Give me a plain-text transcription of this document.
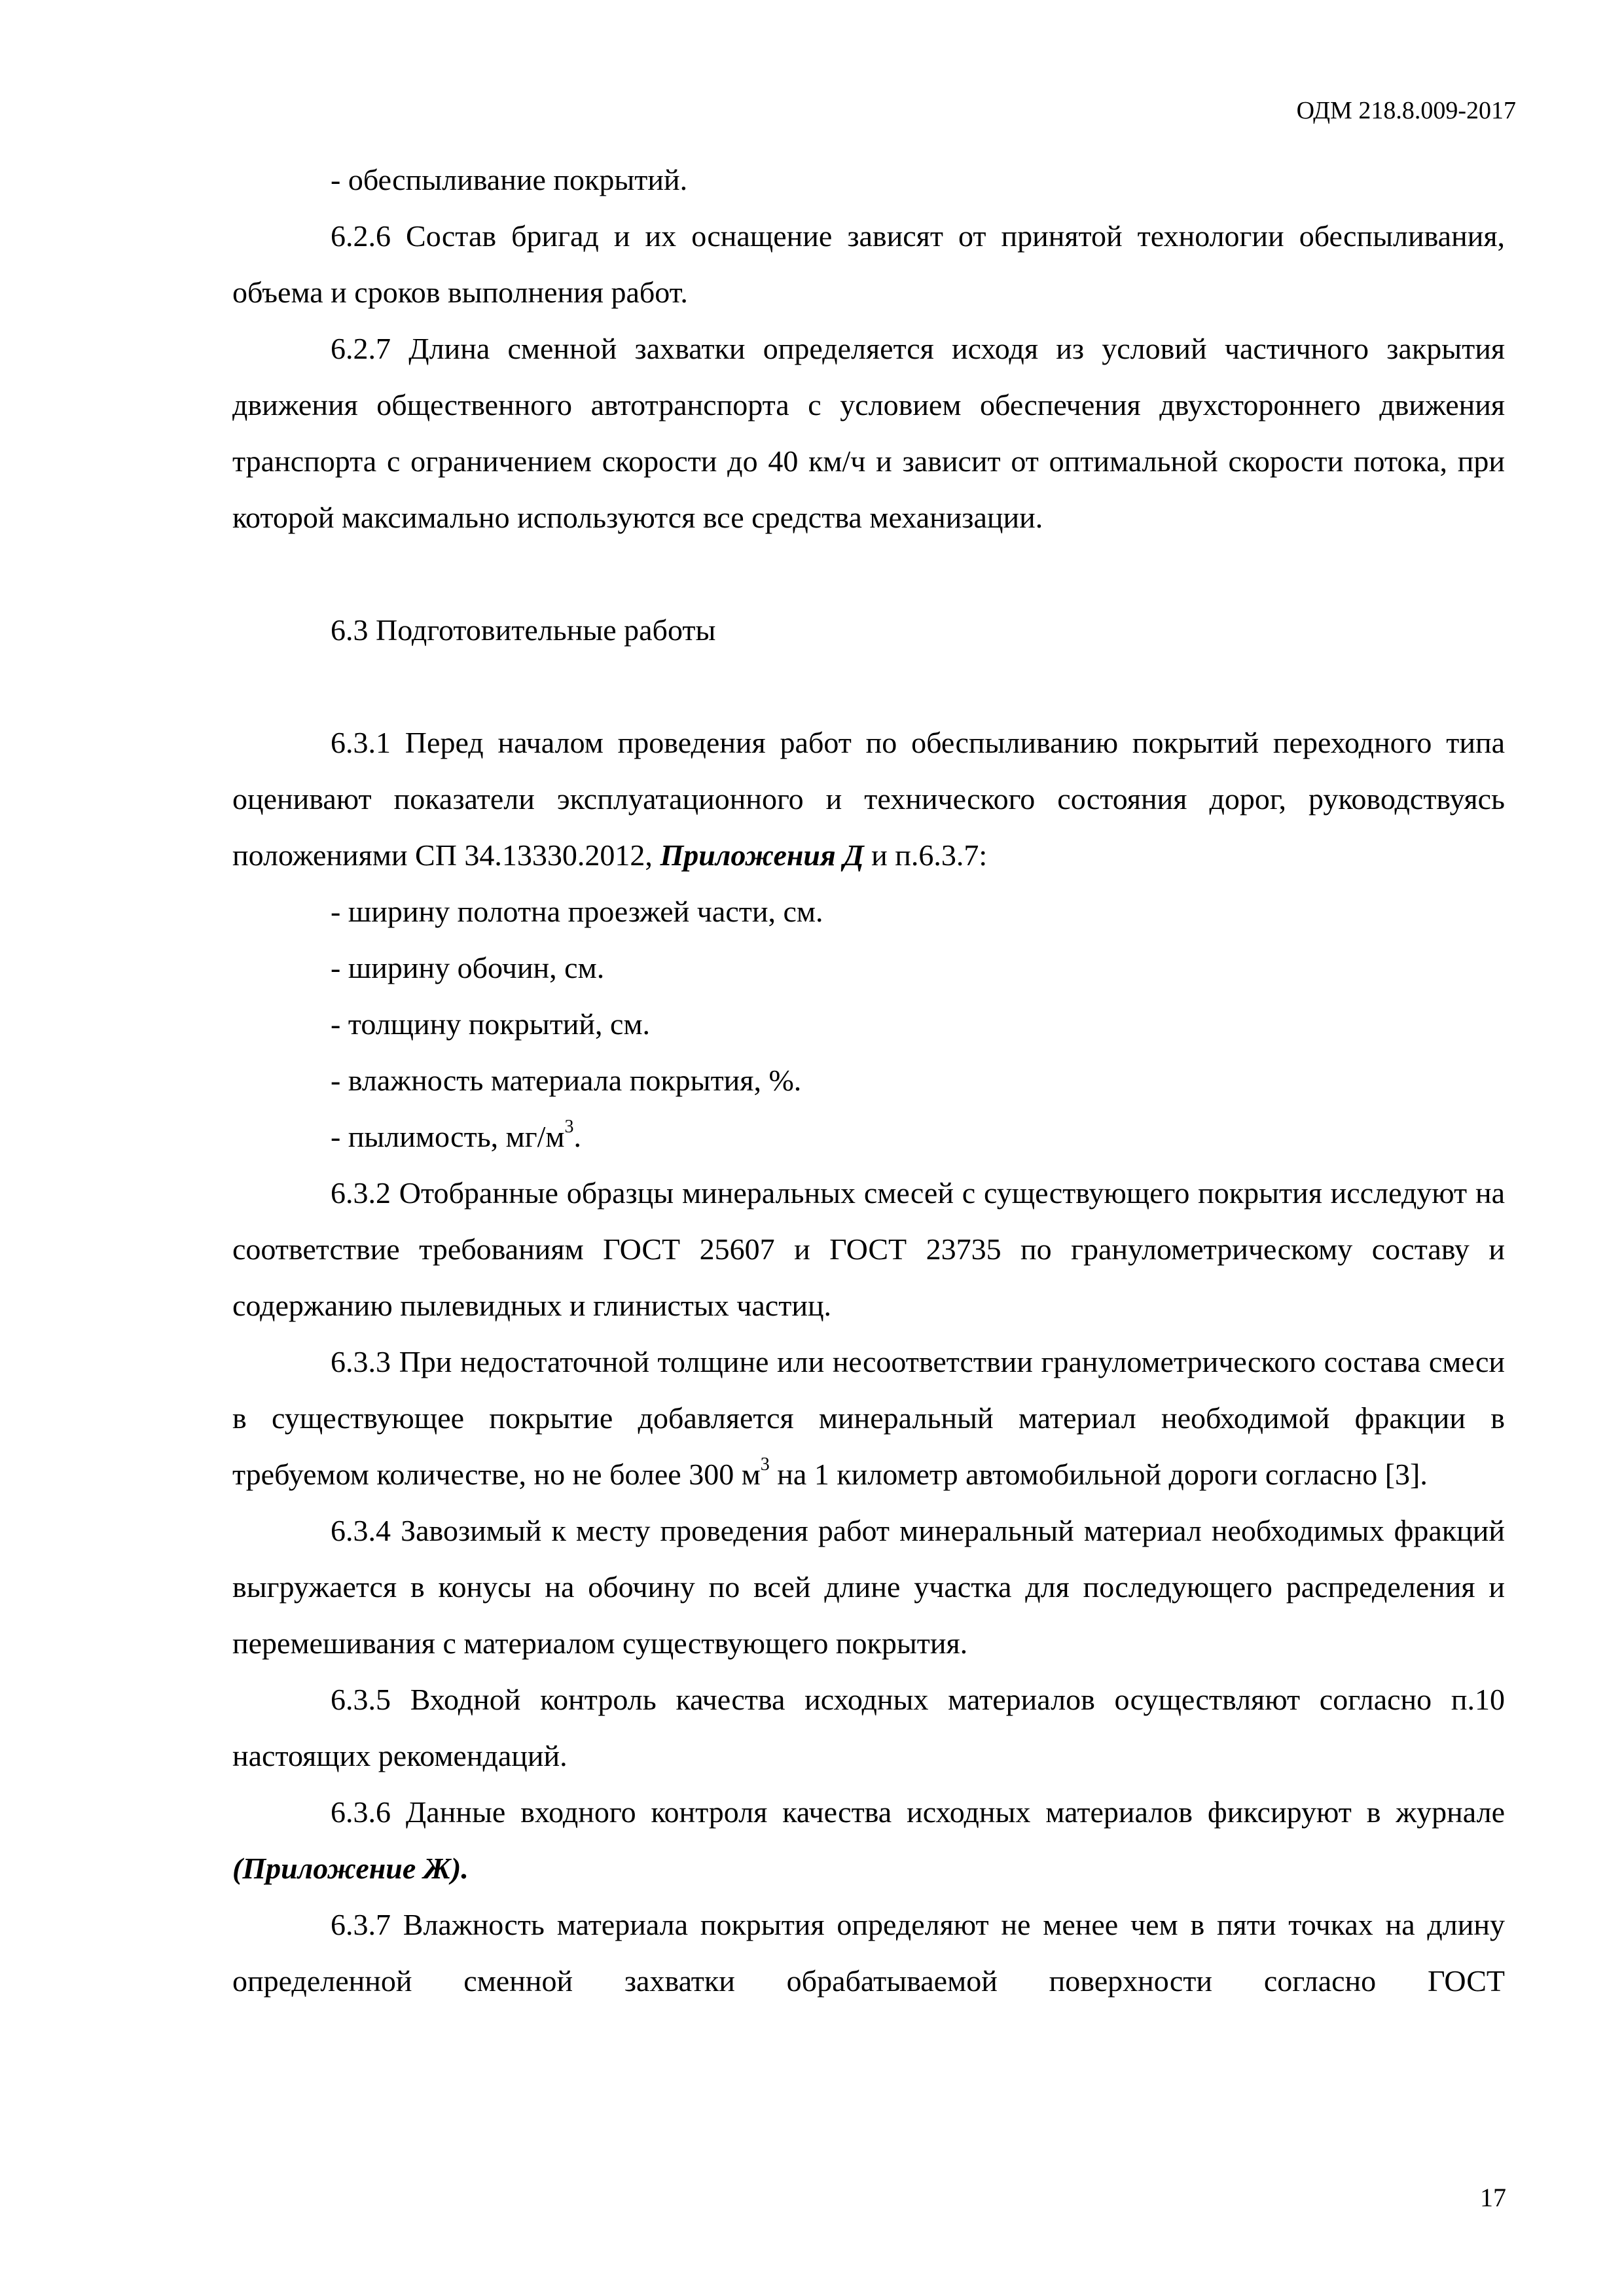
ОДМ 218.8.009-2017

- обеспыливание покрытий.

6.2.6 Состав бригад и их оснащение зависят от принятой технологии обеспыливания, объема и сроков выполнения работ.

6.2.7 Длина сменной захватки определяется исходя из условий частичного закрытия движения общественного автотранспорта с условием обеспечения двухстороннего движения транспорта с ограничением скорости до 40 км/ч и зависит от оптимальной скорости потока, при которой максимально используются все средства механизации.

6.3 Подготовительные работы

6.3.1 Перед началом проведения работ по обеспыливанию покрытий переходного типа оценивают показатели эксплуатационного и технического состояния дорог, руководствуясь положениями СП 34.13330.2012, Приложения Д и п.6.3.7:

- ширину полотна проезжей части, см.

- ширину обочин, см.

- толщину покрытий, см.

- влажность материала покрытия, %.

- пылимость, $мг/м^3$.

6.3.2 Отобранные образцы минеральных смесей с существующего покрытия исследуют на соответствие требованиям ГОСТ 25607 и ГОСТ 23735 по гранулометрическому составу и содержанию пылевидных и глинистых частиц.

6.3.3 При недостаточной толщине или несоответствии гранулометрического состава смеси в существующее покрытие добавляется минеральный материал необходимой фракции в требуемом количестве, но не более 300 $м^3$ на 1 километр автомобильной дороги согласно [3].

6.3.4 Завозимый к месту проведения работ минеральный материал необходимых фракций выгружается в конусы на обочину по всей длине участка для последующего распределения и перемешивания с материалом существующего покрытия.

6.3.5 Входной контроль качества исходных материалов осуществляют согласно п.10 настоящих рекомендаций.

6.3.6 Данные входного контроля качества исходных материалов фиксируют в журнале (Приложение Ж).

6.3.7 Влажность материала покрытия определяют не менее чем в пяти точках на длину определенной сменной захватки обрабатываемой поверхности согласно ГОСТ

17
